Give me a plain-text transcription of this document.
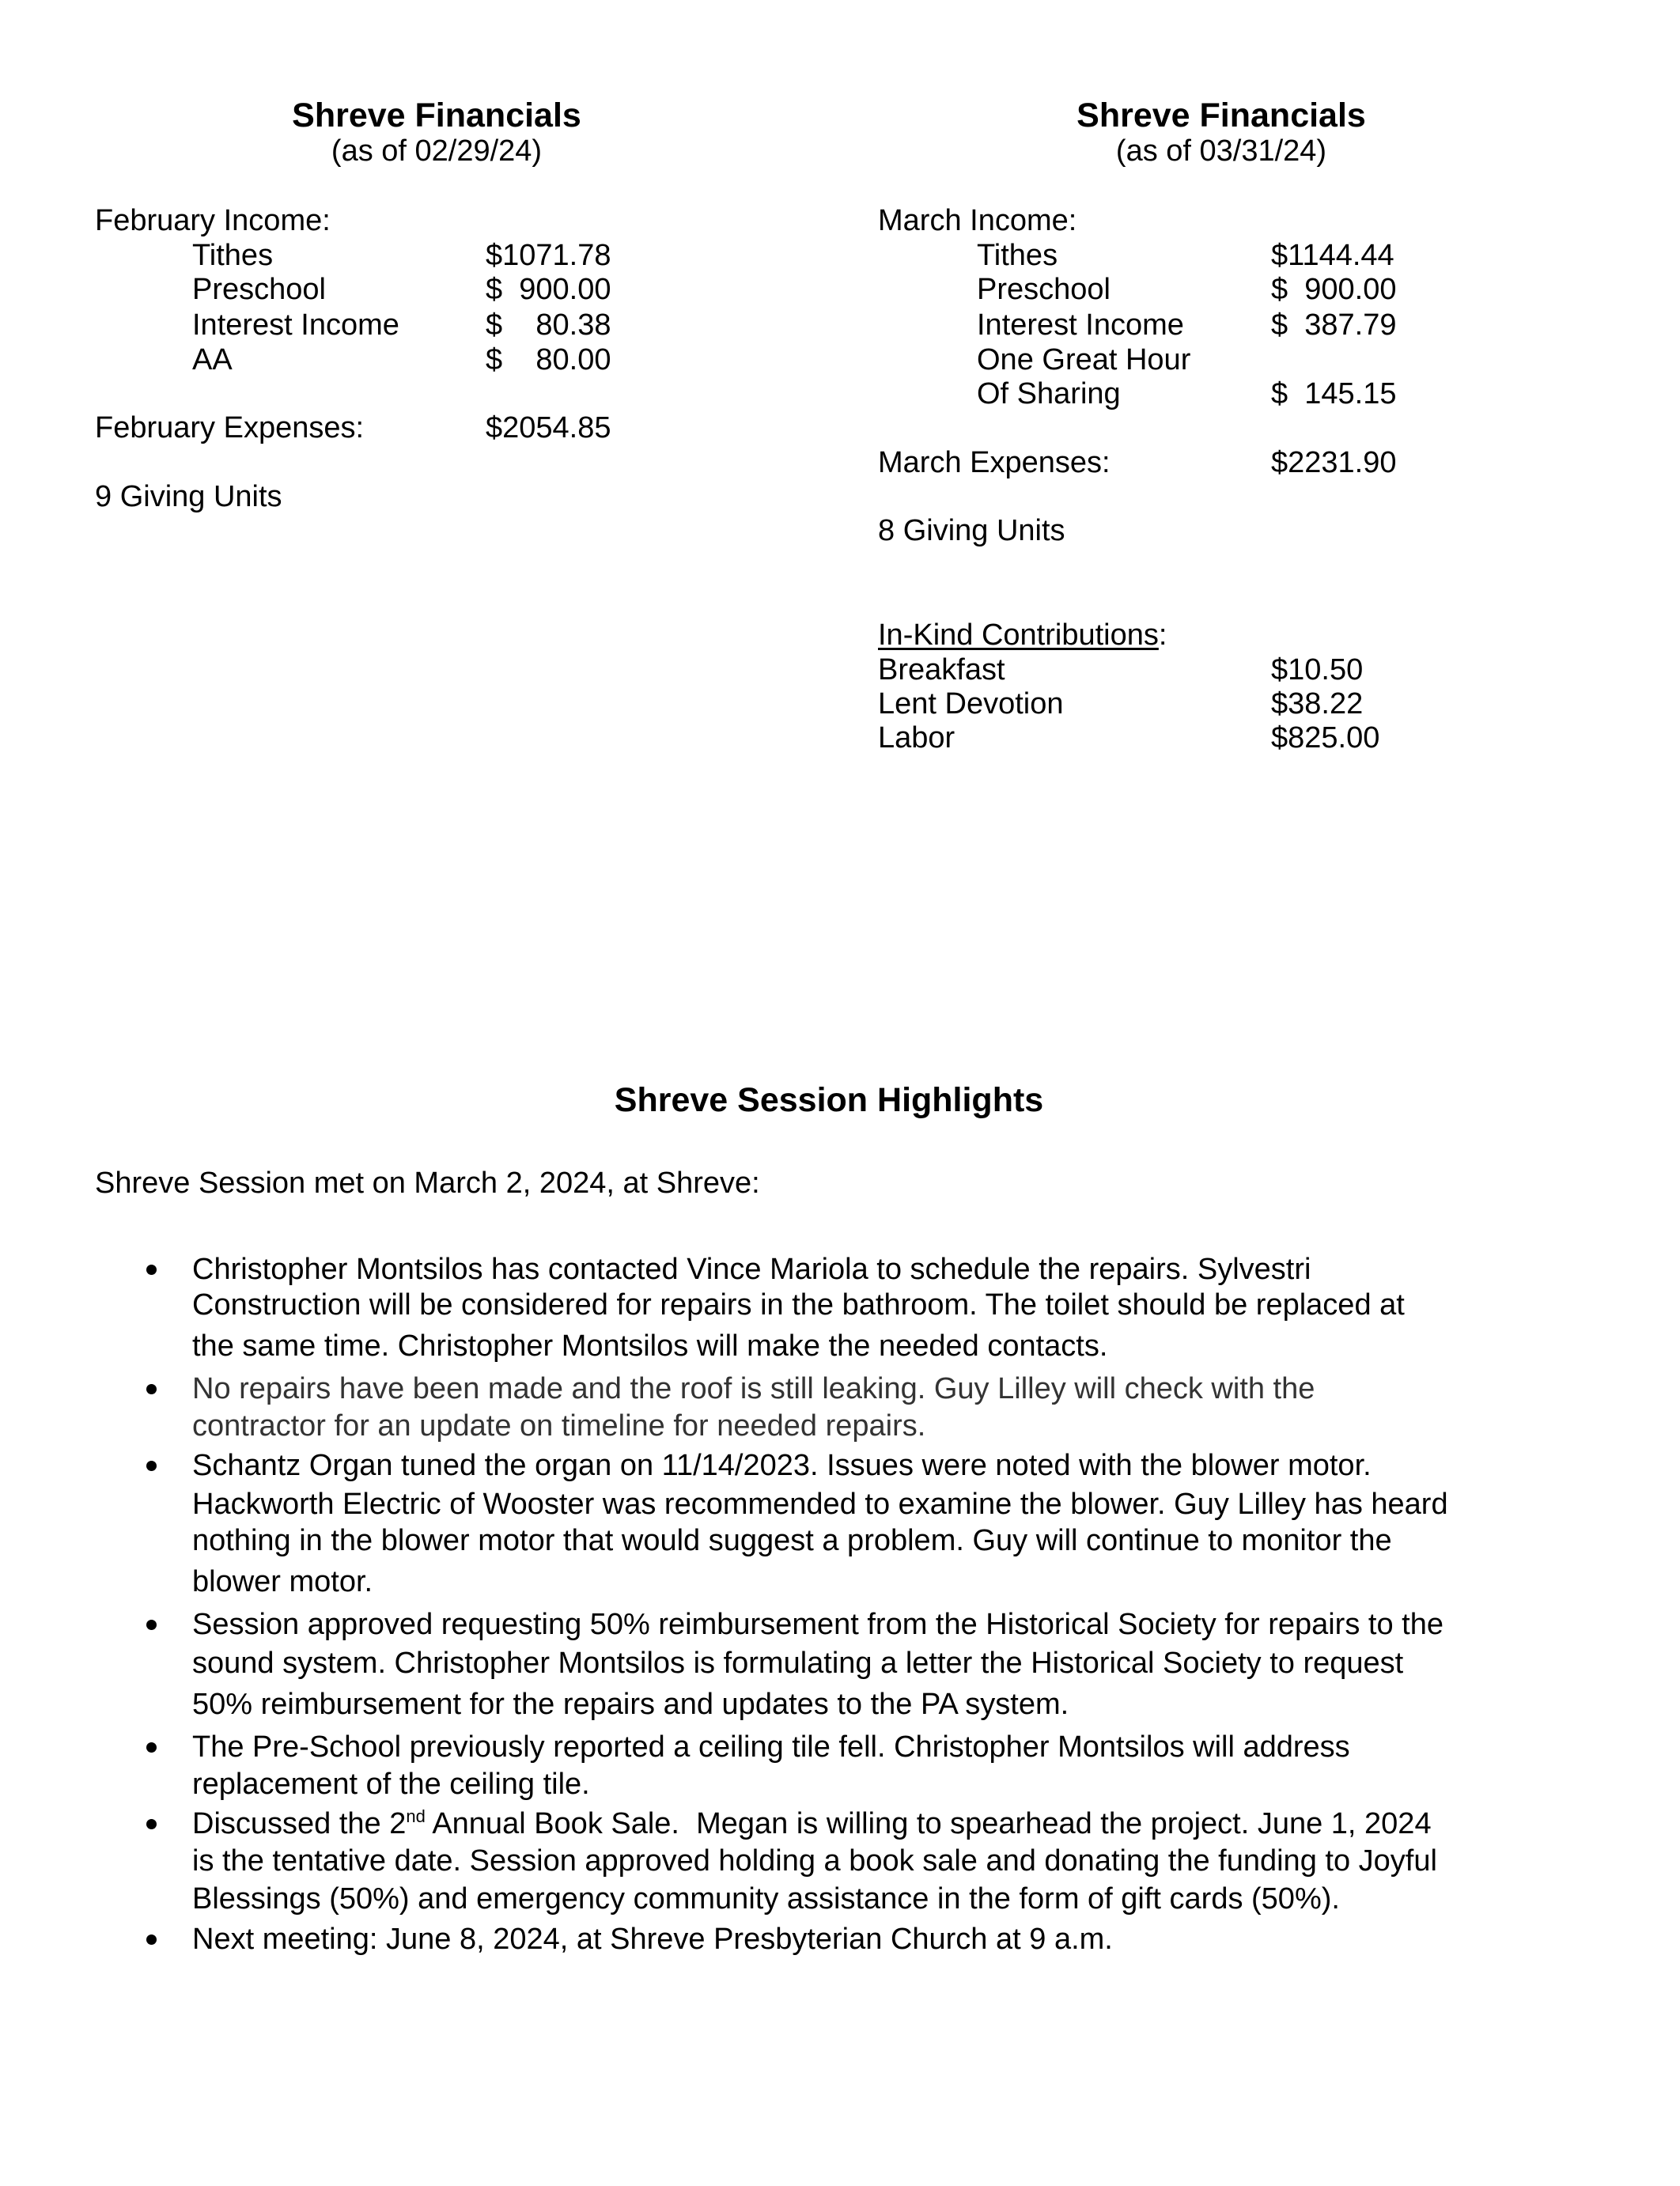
Shreve Financials
(as of 02/29/24)
February Income:
Tithes	$1071.78
Preschool	$  900.00
Interest Income	$    80.38
AA	$    80.00
February Expenses:	$2054.85
9 Giving Units
Shreve Financials
(as of 03/31/24)
March Income:
Tithes	$1144.44
Preschool	$  900.00
Interest Income	$  387.79
One Great Hour
Of Sharing	$  145.15
March Expenses:	$2231.90
8 Giving Units
In-Kind Contributions:
Breakfast	$10.50
Lent Devotion	$38.22
Labor	$825.00
Shreve Session Highlights
Shreve Session met on March 2, 2024, at Shreve:
Christopher Montsilos has contacted Vince Mariola to schedule the repairs. Sylvestri
Construction will be considered for repairs in the bathroom. The toilet should be replaced at
the same time. Christopher Montsilos will make the needed contacts.
No repairs have been made and the roof is still leaking. Guy Lilley will check with the
contractor for an update on timeline for needed repairs.
Schantz Organ tuned the organ on 11/14/2023. Issues were noted with the blower motor.
Hackworth Electric of Wooster was recommended to examine the blower. Guy Lilley has heard
nothing in the blower motor that would suggest a problem. Guy will continue to monitor the
blower motor.
Session approved requesting 50% reimbursement from the Historical Society for repairs to the
sound system. Christopher Montsilos is formulating a letter the Historical Society to request
50% reimbursement for the repairs and updates to the PA system.
The Pre-School previously reported a ceiling tile fell. Christopher Montsilos will address
replacement of the ceiling tile.
Discussed the 2nd Annual Book Sale.  Megan is willing to spearhead the project. June 1, 2024
is the tentative date. Session approved holding a book sale and donating the funding to Joyful
Blessings (50%) and emergency community assistance in the form of gift cards (50%).
Next meeting: June 8, 2024, at Shreve Presbyterian Church at 9 a.m.
